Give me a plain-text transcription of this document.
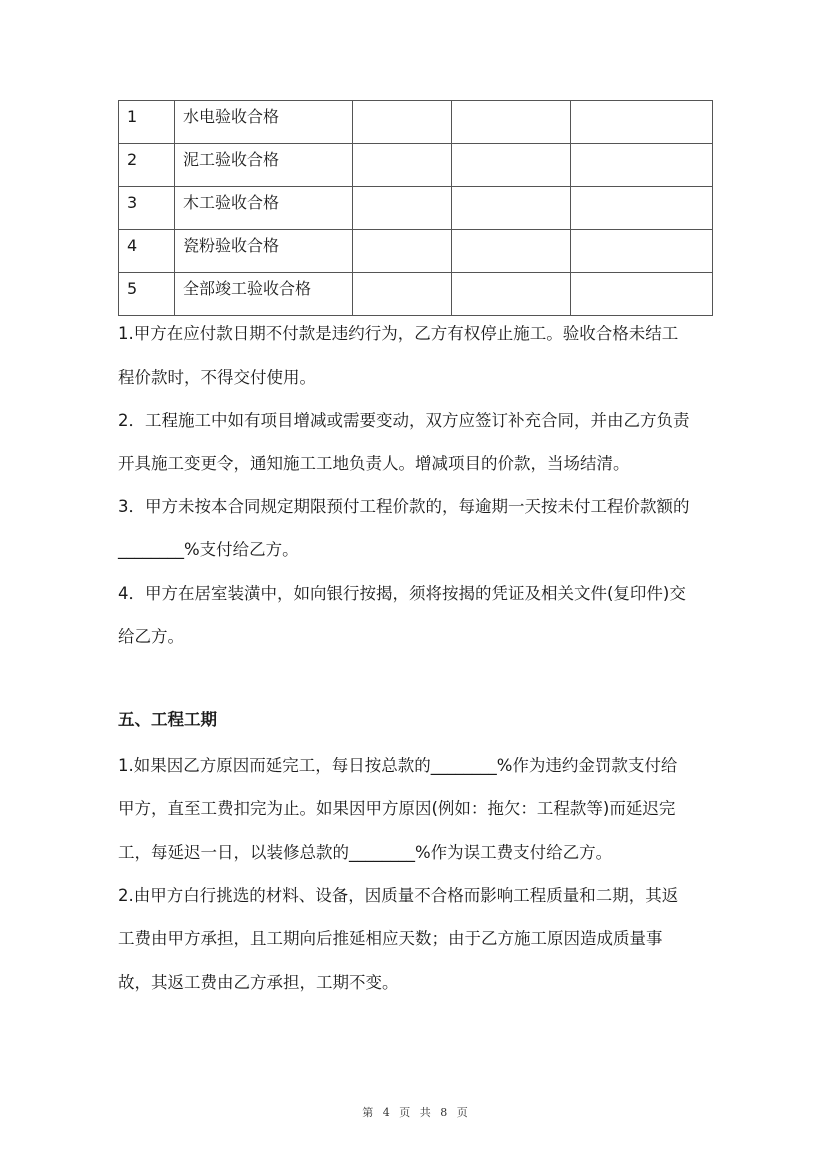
1	水电验收合格			
2	泥工验收合格			
3	木工验收合格			
4	瓷粉验收合格			
5	全部竣工验收合格			
1.甲方在应付款日期不付款是违约行为，乙方有权停止施工。验收合格未结工
程价款时，不得交付使用。
2．工程施工中如有项目增减或需要变动，双方应签订补充合同，并由乙方负责
开具施工变更令，通知施工工地负责人。增减项目的价款，当场结清。
3．甲方未按本合同规定期限预付工程价款的，每逾期一天按未付工程价款额的
________%支付给乙方。
4．甲方在居室装潢中，如向银行按揭，须将按揭的凭证及相关文件(复印件)交
给乙方。
五、工程工期
1.如果因乙方原因而延完工，每日按总款的________%作为违约金罚款支付给
甲方，直至工费扣完为止。如果因甲方原因(例如：拖欠：工程款等)而延迟完
工，每延迟一日，以装修总款的________%作为误工费支付给乙方。
2.由甲方白行挑选的材料、设备，因质量不合格而影响工程质量和二期，其返
工费由甲方承担，且工期向后推延相应天数；由于乙方施工原因造成质量事
故，其返工费由乙方承担，工期不变。
第 4 页 共 8 页
